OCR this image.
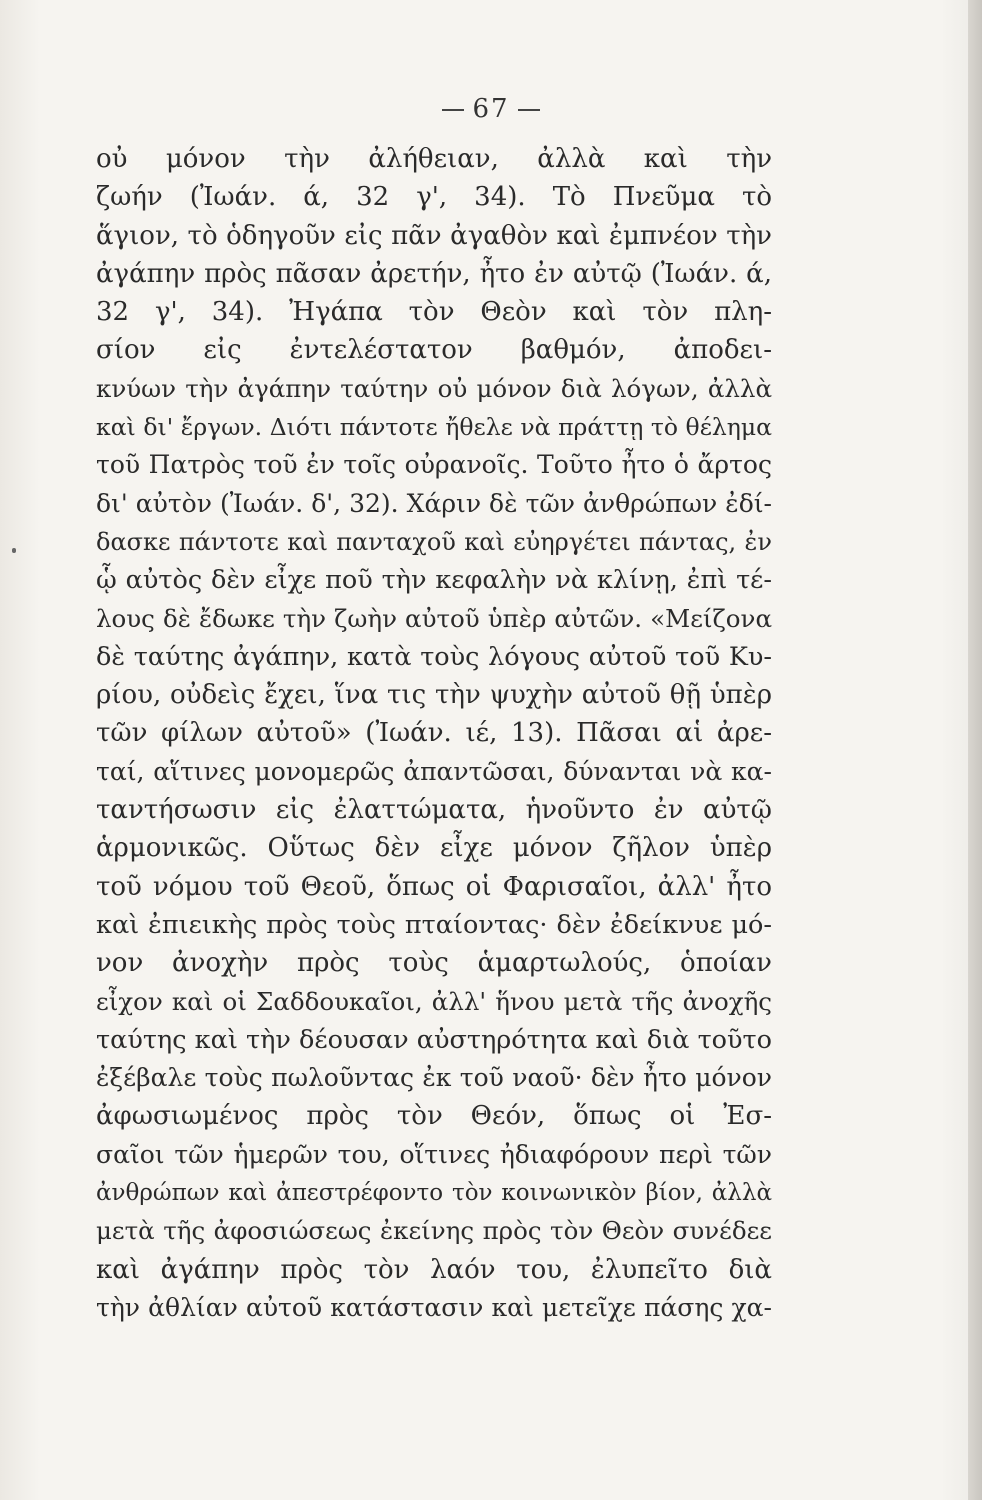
67
οὐ μόνον τὴν ἀλήθειαν, ἀλλὰ καὶ τὴν
ζωήν (Ἰωάν. ά, 32 γ', 34). Τὸ Πνεῦμα τὸ
ἅγιον, τὸ ὁδηγοῦν εἰς πᾶν ἀγαθὸν καὶ ἐμπνέον τὴν
ἀγάπην πρὸς πᾶσαν ἀρετήν, ἦτο ἐν αὐτῷ (Ἰωάν. ά,
32 γ', 34). Ἠγάπα τὸν Θεὸν καὶ τὸν πλη-
σίον εἰς ἐντελέστατον βαθμόν, ἀποδει-
κνύων τὴν ἀγάπην ταύτην οὐ μόνον διὰ λόγων, ἀλλὰ
καὶ δι' ἔργων. Διότι πάντοτε ἤθελε νὰ πράττῃ τὸ θέλημα
τοῦ Πατρὸς τοῦ ἐν τοῖς οὐρανοῖς. Τοῦτο ἦτο ὁ ἄρτος
δι' αὐτὸν (Ἰωάν. δ', 32). Χάριν δὲ τῶν ἀνθρώπων ἐδί-
δασκε πάντοτε καὶ πανταχοῦ καὶ εὐηργέτει πάντας, ἐν
ᾧ αὐτὸς δὲν εἶχε ποῦ τὴν κεφαλὴν νὰ κλίνῃ, ἐπὶ τέ-
λους δὲ ἔδωκε τὴν ζωὴν αὐτοῦ ὑπὲρ αὐτῶν. «Μείζονα
δὲ ταύτης ἀγάπην, κατὰ τοὺς λόγους αὐτοῦ τοῦ Κυ-
ρίου, οὐδεὶς ἔχει, ἵνα τις τὴν ψυχὴν αὐτοῦ θῇ ὑπὲρ
τῶν φίλων αὐτοῦ» (Ἰωάν. ιέ, 13). Πᾶσαι αἱ ἀρε-
ταί, αἵτινες μονομερῶς ἀπαντῶσαι, δύνανται νὰ κα-
ταντήσωσιν εἰς ἐλαττώματα, ἡνοῦντο ἐν αὐτῷ
ἁρμονικῶς. Οὕτως δὲν εἶχε μόνον ζῆλον ὑπὲρ
τοῦ νόμου τοῦ Θεοῦ, ὅπως οἱ Φαρισαῖοι, ἀλλ' ἦτο
καὶ ἐπιεικὴς πρὸς τοὺς πταίοντας· δὲν ἐδείκνυε μό-
νον ἀνοχὴν πρὸς τοὺς ἁμαρτωλούς, ὁποίαν
εἶχον καὶ οἱ Σαδδουκαῖοι, ἀλλ' ἥνου μετὰ τῆς ἀνοχῆς
ταύτης καὶ τὴν δέουσαν αὐστηρότητα καὶ διὰ τοῦτο
ἐξέβαλε τοὺς πωλοῦντας ἐκ τοῦ ναοῦ· δὲν ἦτο μόνον
ἀφωσιωμένος πρὸς τὸν Θεόν, ὅπως οἱ Ἐσ-
σαῖοι τῶν ἡμερῶν του, οἵτινες ἠδιαφόρουν περὶ τῶν
ἀνθρώπων καὶ ἀπεστρέφοντο τὸν κοινωνικὸν βίον, ἀλλὰ
μετὰ τῆς ἀφοσιώσεως ἐκείνης πρὸς τὸν Θεὸν συνέδεε
καὶ ἀγάπην πρὸς τὸν λαόν του, ἐλυπεῖτο διὰ
τὴν ἀθλίαν αὐτοῦ κατάστασιν καὶ μετεῖχε πάσης χα-
